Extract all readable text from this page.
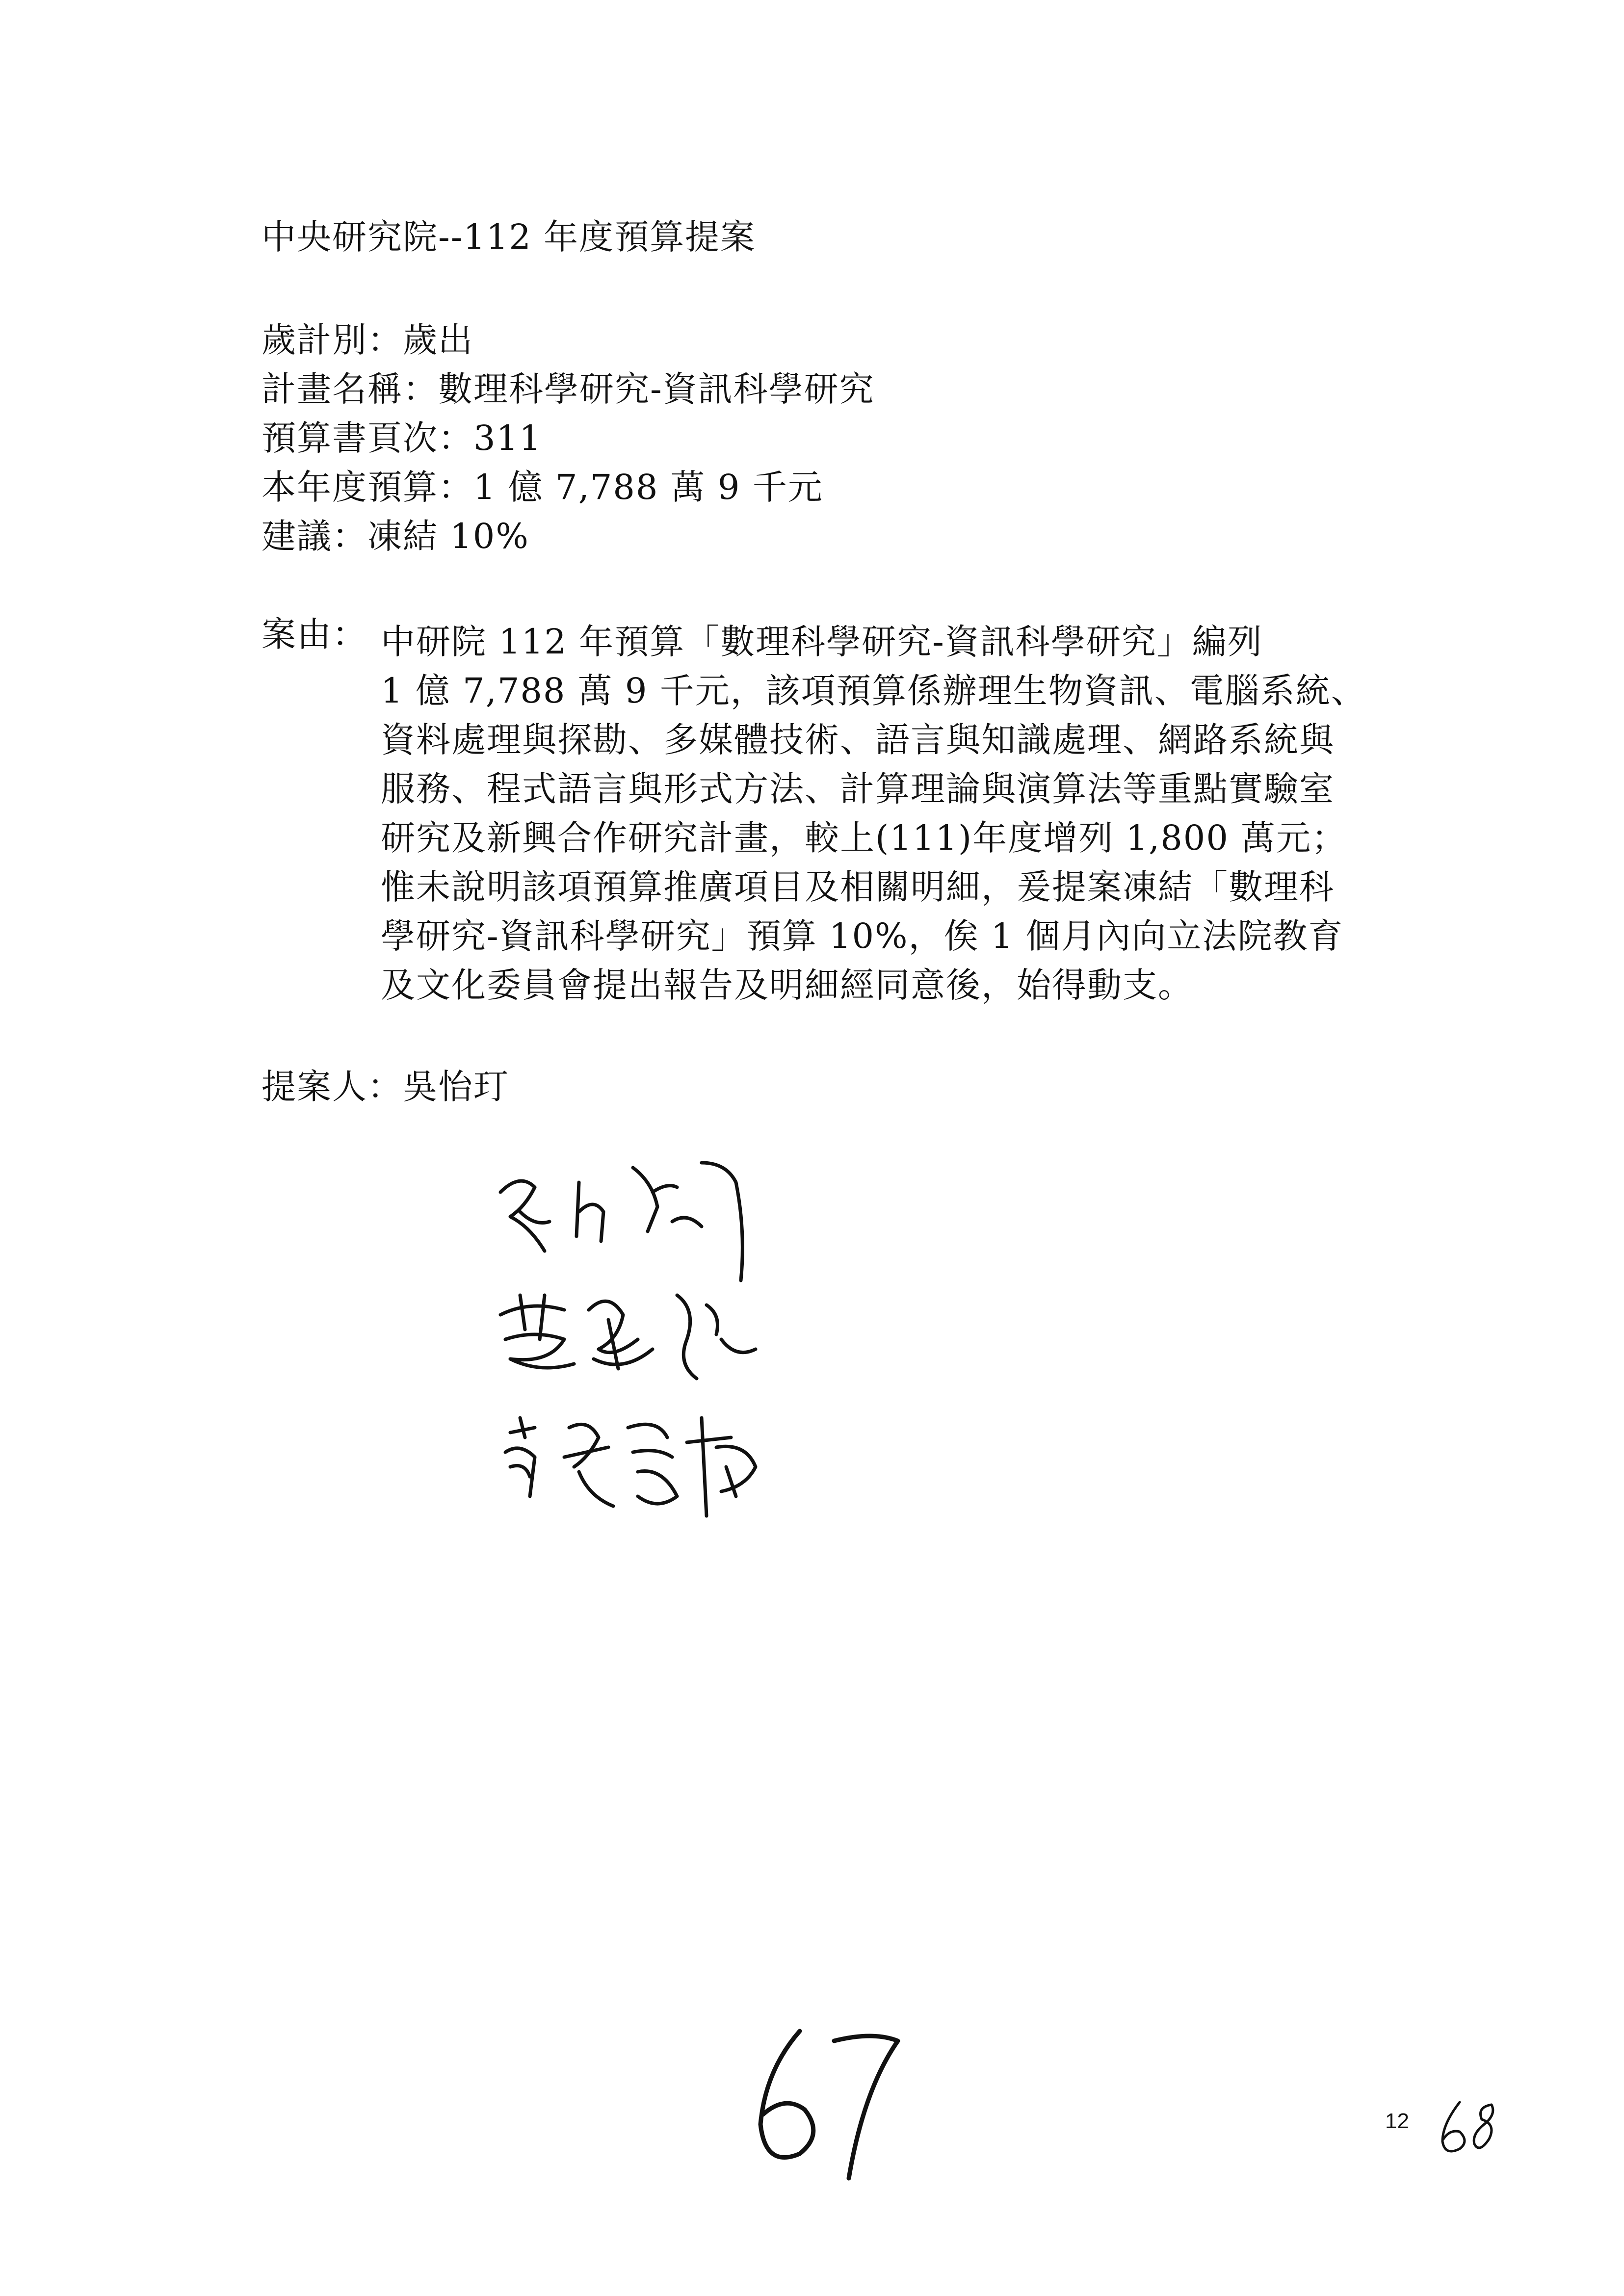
中央研究院--112 年度預算提案
歲計別：歲出
計畫名稱：數理科學研究-資訊科學研究
預算書頁次：311
本年度預算：1 億 7,788 萬 9 千元
建議：凍結 10%
案由： 中研院 112 年預算「數理科學研究-資訊科學研究」編列
1 億 7,788 萬 9 千元，該項預算係辦理生物資訊、電腦系統、
資料處理與探勘、多媒體技術、語言與知識處理、網路系統與
服務、程式語言與形式方法、計算理論與演算法等重點實驗室
研究及新興合作研究計畫，較上(111)年度增列 1,800 萬元；
惟未說明該項預算推廣項目及相關明細，爰提案凍結「數理科
學研究-資訊科學研究」預算 10%，俟 1 個月內向立法院教育
及文化委員會提出報告及明細經同意後，始得動支。
提案人：吳怡玎
12
